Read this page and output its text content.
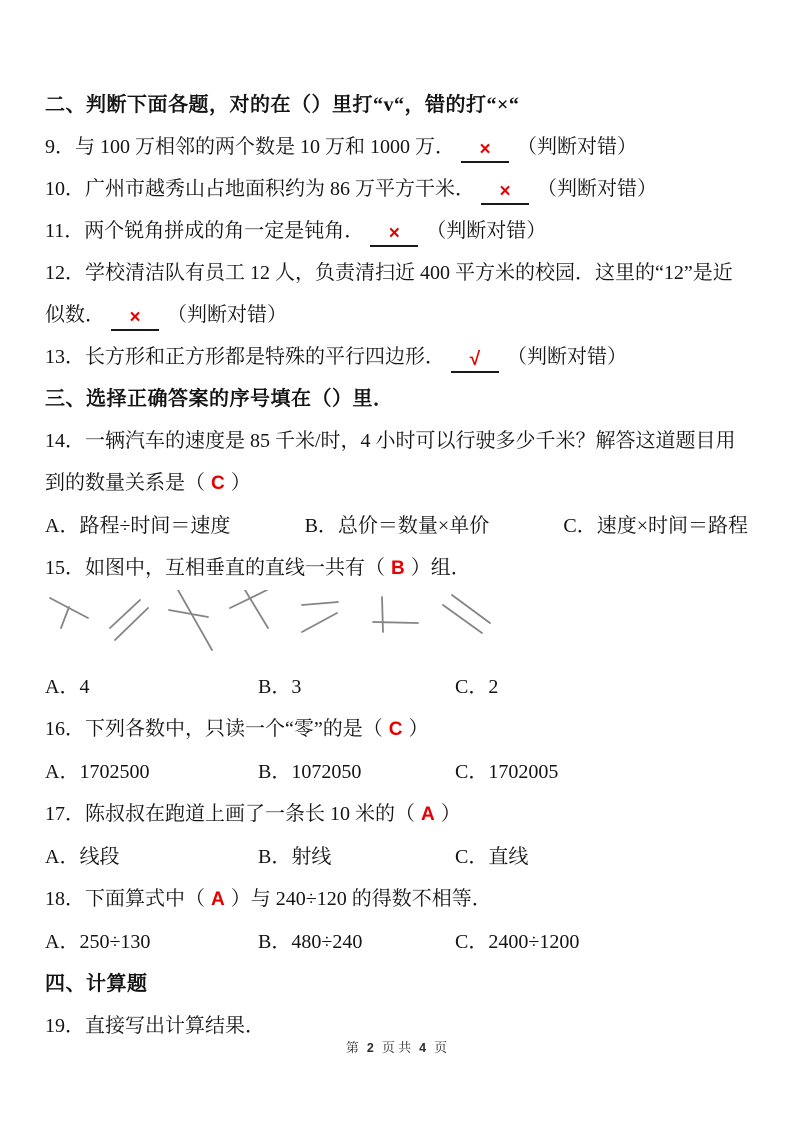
二、判断下面各题，对的在（）里打“v“，错的打“×“

9．与 100 万相邻的两个数是 10 万和 1000 万． × （判断对错）

10．广州市越秀山占地面积约为 86 万平方干米． × （判断对错）

11．两个锐角拼成的角一定是钝角． × （判断对错）

12．学校清洁队有员工 12 人，负责清扫近 400 平方米的校园．这里的“12”是近似数． × （判断对错）

13．长方形和正方形都是特殊的平行四边形． √ （判断对错）

三、选择正确答案的序号填在（）里．

14．一辆汽车的速度是 85 千米/时，4 小时可以行驶多少千米？解答这道题目用到的数量关系是（ C ）

A．路程÷时间＝速度	B．总价＝数量×单价	C．速度×时间＝路程

15．如图中，互相垂直的直线一共有（ B ）组．

A．4	B．3	C．2

16．下列各数中，只读一个“零”的是（ C ）

A．1702500	B．1072050	C．1702005

17．陈叔叔在跑道上画了一条长 10 米的（ A ）

A．线段	B．射线	C．直线

18．下面算式中（ A ）与 240÷120 的得数不相等．

A．250÷130	B．480÷240	C．2400÷1200

四、计算题

19．直接写出计算结果．

第 2 页 共 4 页
